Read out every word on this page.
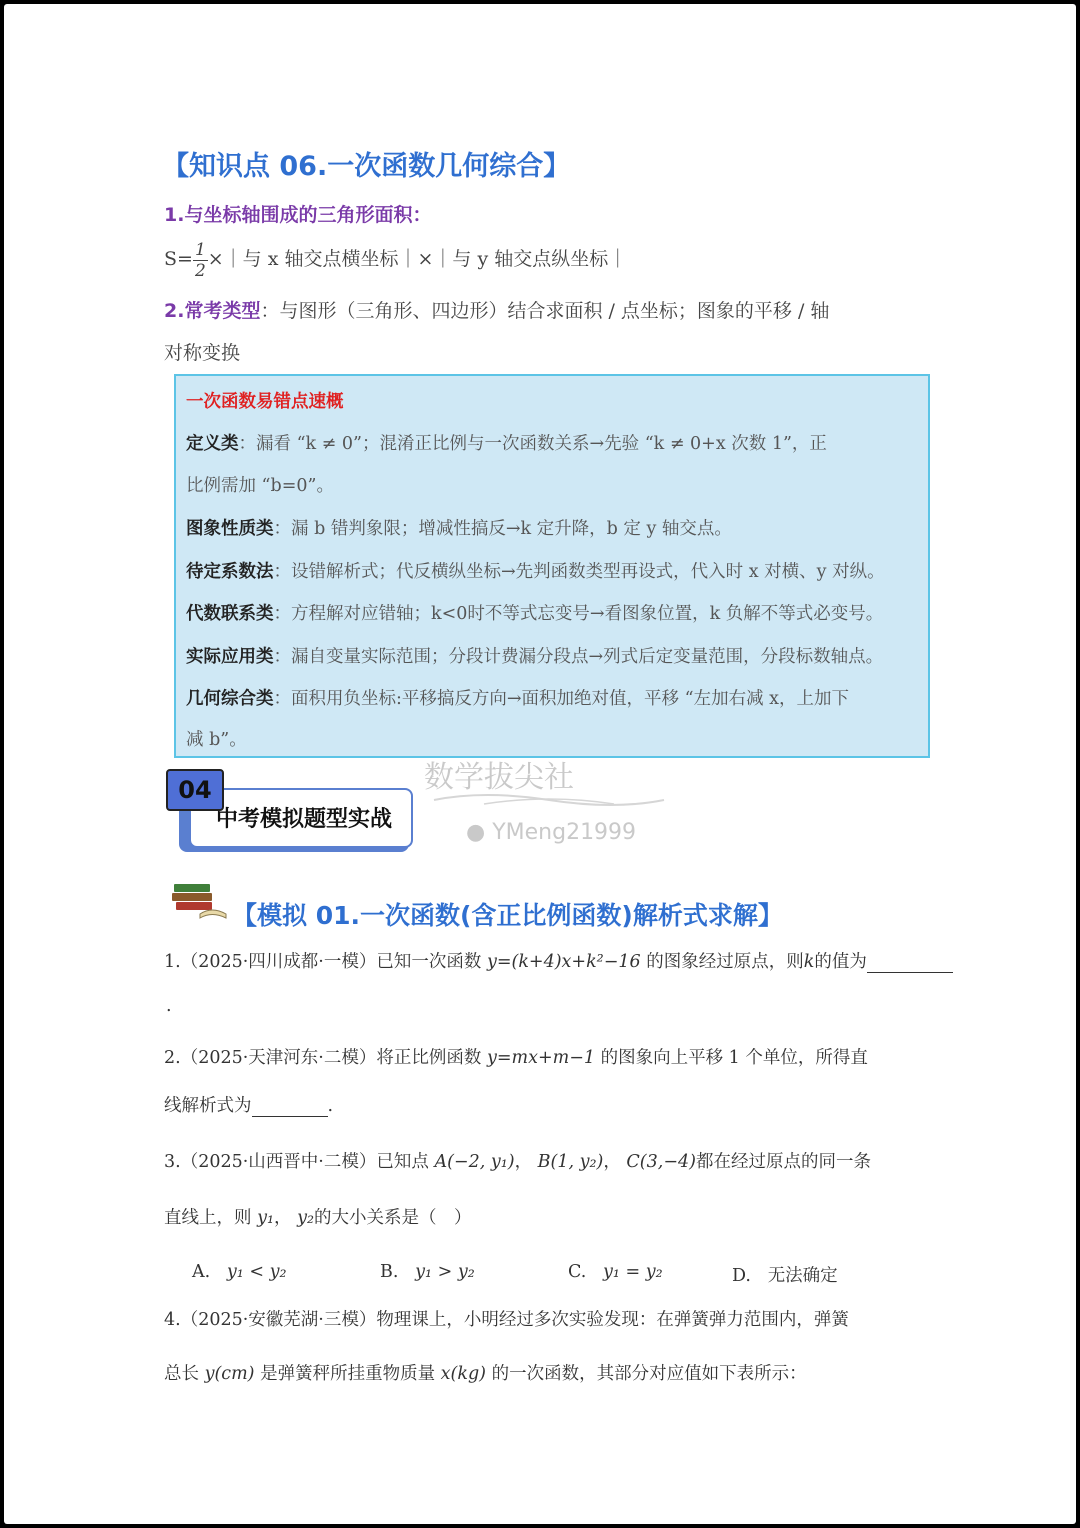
【知识点 06.一次函数几何综合】
1.与坐标轴围成的三角形面积：
$S= \frac{1}{2}$ ×｜与 x 轴交点横坐标｜×｜与 y 轴交点纵坐标｜
2.常考类型：与图形（三角形、四边形）结合求面积 / 点坐标；图象的平移 / 轴
对称变换
一次函数易错点速概
定义类：漏看 “k ≠ 0”；混淆正比例与一次函数关系→先验 “k ≠ 0+x 次数 1”，正
比例需加 “b=0”。
图象性质类：漏 b 错判象限；增减性搞反→k 定升降，b 定 y 轴交点。
待定系数法：设错解析式；代反横纵坐标→先判函数类型再设式，代入时 x 对横、y 对纵。
代数联系类：方程解对应错轴；k<0时不等式忘变号→看图象位置，k 负解不等式必变号。
实际应用类：漏自变量实际范围；分段计费漏分段点→列式后定变量范围，分段标数轴点。
几何综合类：面积用负坐标:平移搞反方向→面积加绝对值，平移 “左加右减 x，上加下
减 b”。
数学拔尖社
● YMeng21999
04
中考模拟题型实战
【模拟 01.一次函数(含正比例函数)解析式求解】
1.（2025·四川成都·一模）已知一次函数 y=(k+4)x+k²−16 的图象经过原点，则k的值为
.
2.（2025·天津河东·二模）将正比例函数 y=mx+m−1 的图象向上平移 1 个单位，所得直
线解析式为	.
3.（2025·山西晋中·二模）已知点 A(−2, y₁)， B(1, y₂)， C(3,−4)都在经过原点的同一条
直线上，则 y₁， y₂的大小关系是（　）
A. y₁ < y₂	B. y₁ > y₂	C. y₁ = y₂	D. 无法确定
4.（2025·安徽芜湖·三模）物理课上，小明经过多次实验发现：在弹簧弹力范围内，弹簧
总长 y(cm) 是弹簧秤所挂重物质量 x(kg) 的一次函数，其部分对应值如下表所示：
